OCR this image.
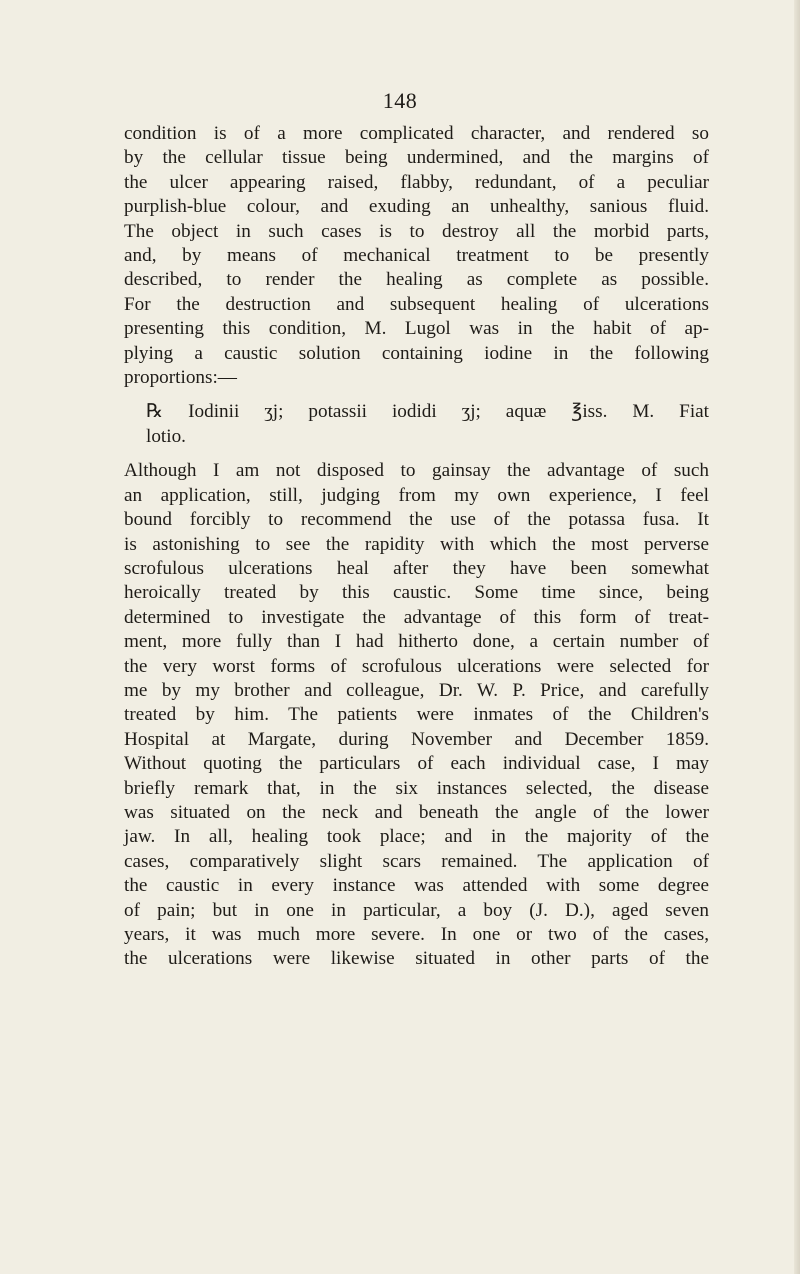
148

condition is of a more complicated character, and rendered so
by the cellular tissue being undermined, and the margins of
the ulcer appearing raised, flabby, redundant, of a peculiar
purplish-blue colour, and exuding an unhealthy, sanious fluid.
The object in such cases is to destroy all the morbid parts,
and, by means of mechanical treatment to be presently
described, to render the healing as complete as possible.
For the destruction and subsequent healing of ulcerations
presenting this condition, M. Lugol was in the habit of ap-
plying a caustic solution containing iodine in the following
proportions:—

℞ Iodinii ʒj; potassii iodidi ʒj; aquæ ℥iss. M. Fiat
lotio.

Although I am not disposed to gainsay the advantage of such
an application, still, judging from my own experience, I feel
bound forcibly to recommend the use of the potassa fusa. It
is astonishing to see the rapidity with which the most perverse
scrofulous ulcerations heal after they have been somewhat
heroically treated by this caustic. Some time since, being
determined to investigate the advantage of this form of treat-
ment, more fully than I had hitherto done, a certain number of
the very worst forms of scrofulous ulcerations were selected for
me by my brother and colleague, Dr. W. P. Price, and carefully
treated by him. The patients were inmates of the Children's
Hospital at Margate, during November and December 1859.
Without quoting the particulars of each individual case, I may
briefly remark that, in the six instances selected, the disease
was situated on the neck and beneath the angle of the lower
jaw. In all, healing took place; and in the majority of the
cases, comparatively slight scars remained. The application of
the caustic in every instance was attended with some degree
of pain; but in one in particular, a boy (J. D.), aged seven
years, it was much more severe. In one or two of the cases,
the ulcerations were likewise situated in other parts of the
